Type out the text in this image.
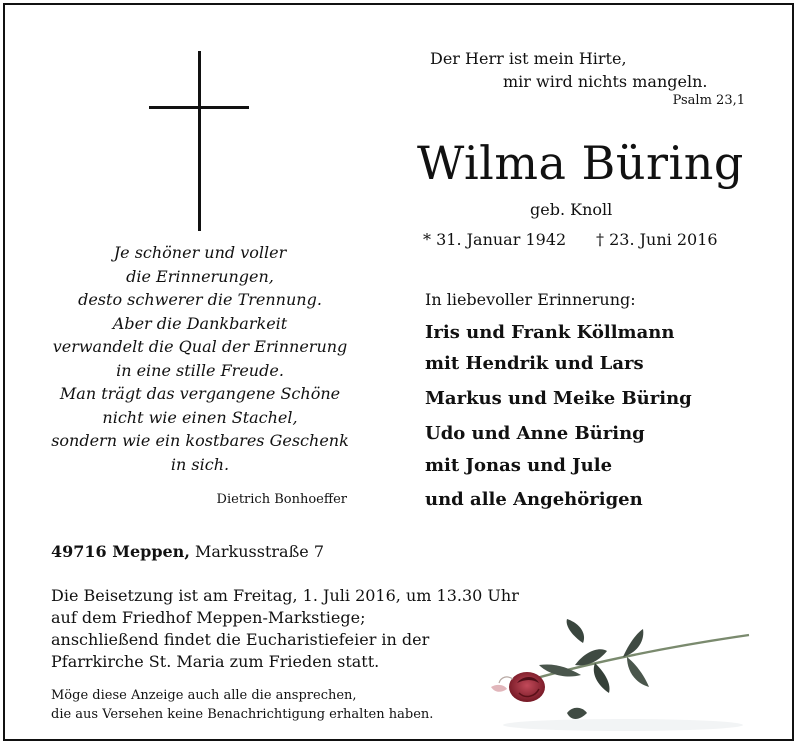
Der Herr ist mein Hirte,
mir wird nichts mangeln.
Psalm 23,1
Wilma Büring
geb. Knoll
* 31. Januar 1942 † 23. Juni 2016
Je schöner und voller
die Erinnerungen,
desto schwerer die Trennung.
Aber die Dankbarkeit
verwandelt die Qual der Erinnerung
in eine stille Freude.
Man trägt das vergangene Schöne
nicht wie einen Stachel,
sondern wie ein kostbares Geschenk
in sich.
Dietrich Bonhoeffer
In liebevoller Erinnerung:
Iris und Frank Köllmann
mit Hendrik und Lars
Markus und Meike Büring
Udo und Anne Büring
mit Jonas und Jule
und alle Angehörigen
49716 Meppen, Markusstraße 7
Die Beisetzung ist am Freitag, 1. Juli 2016, um 13.30 Uhr
auf dem Friedhof Meppen-Markstiege;
anschließend findet die Eucharistiefeier in der
Pfarrkirche St. Maria zum Frieden statt.
Möge diese Anzeige auch alle die ansprechen,
die aus Versehen keine Benachrichtigung erhalten haben.
